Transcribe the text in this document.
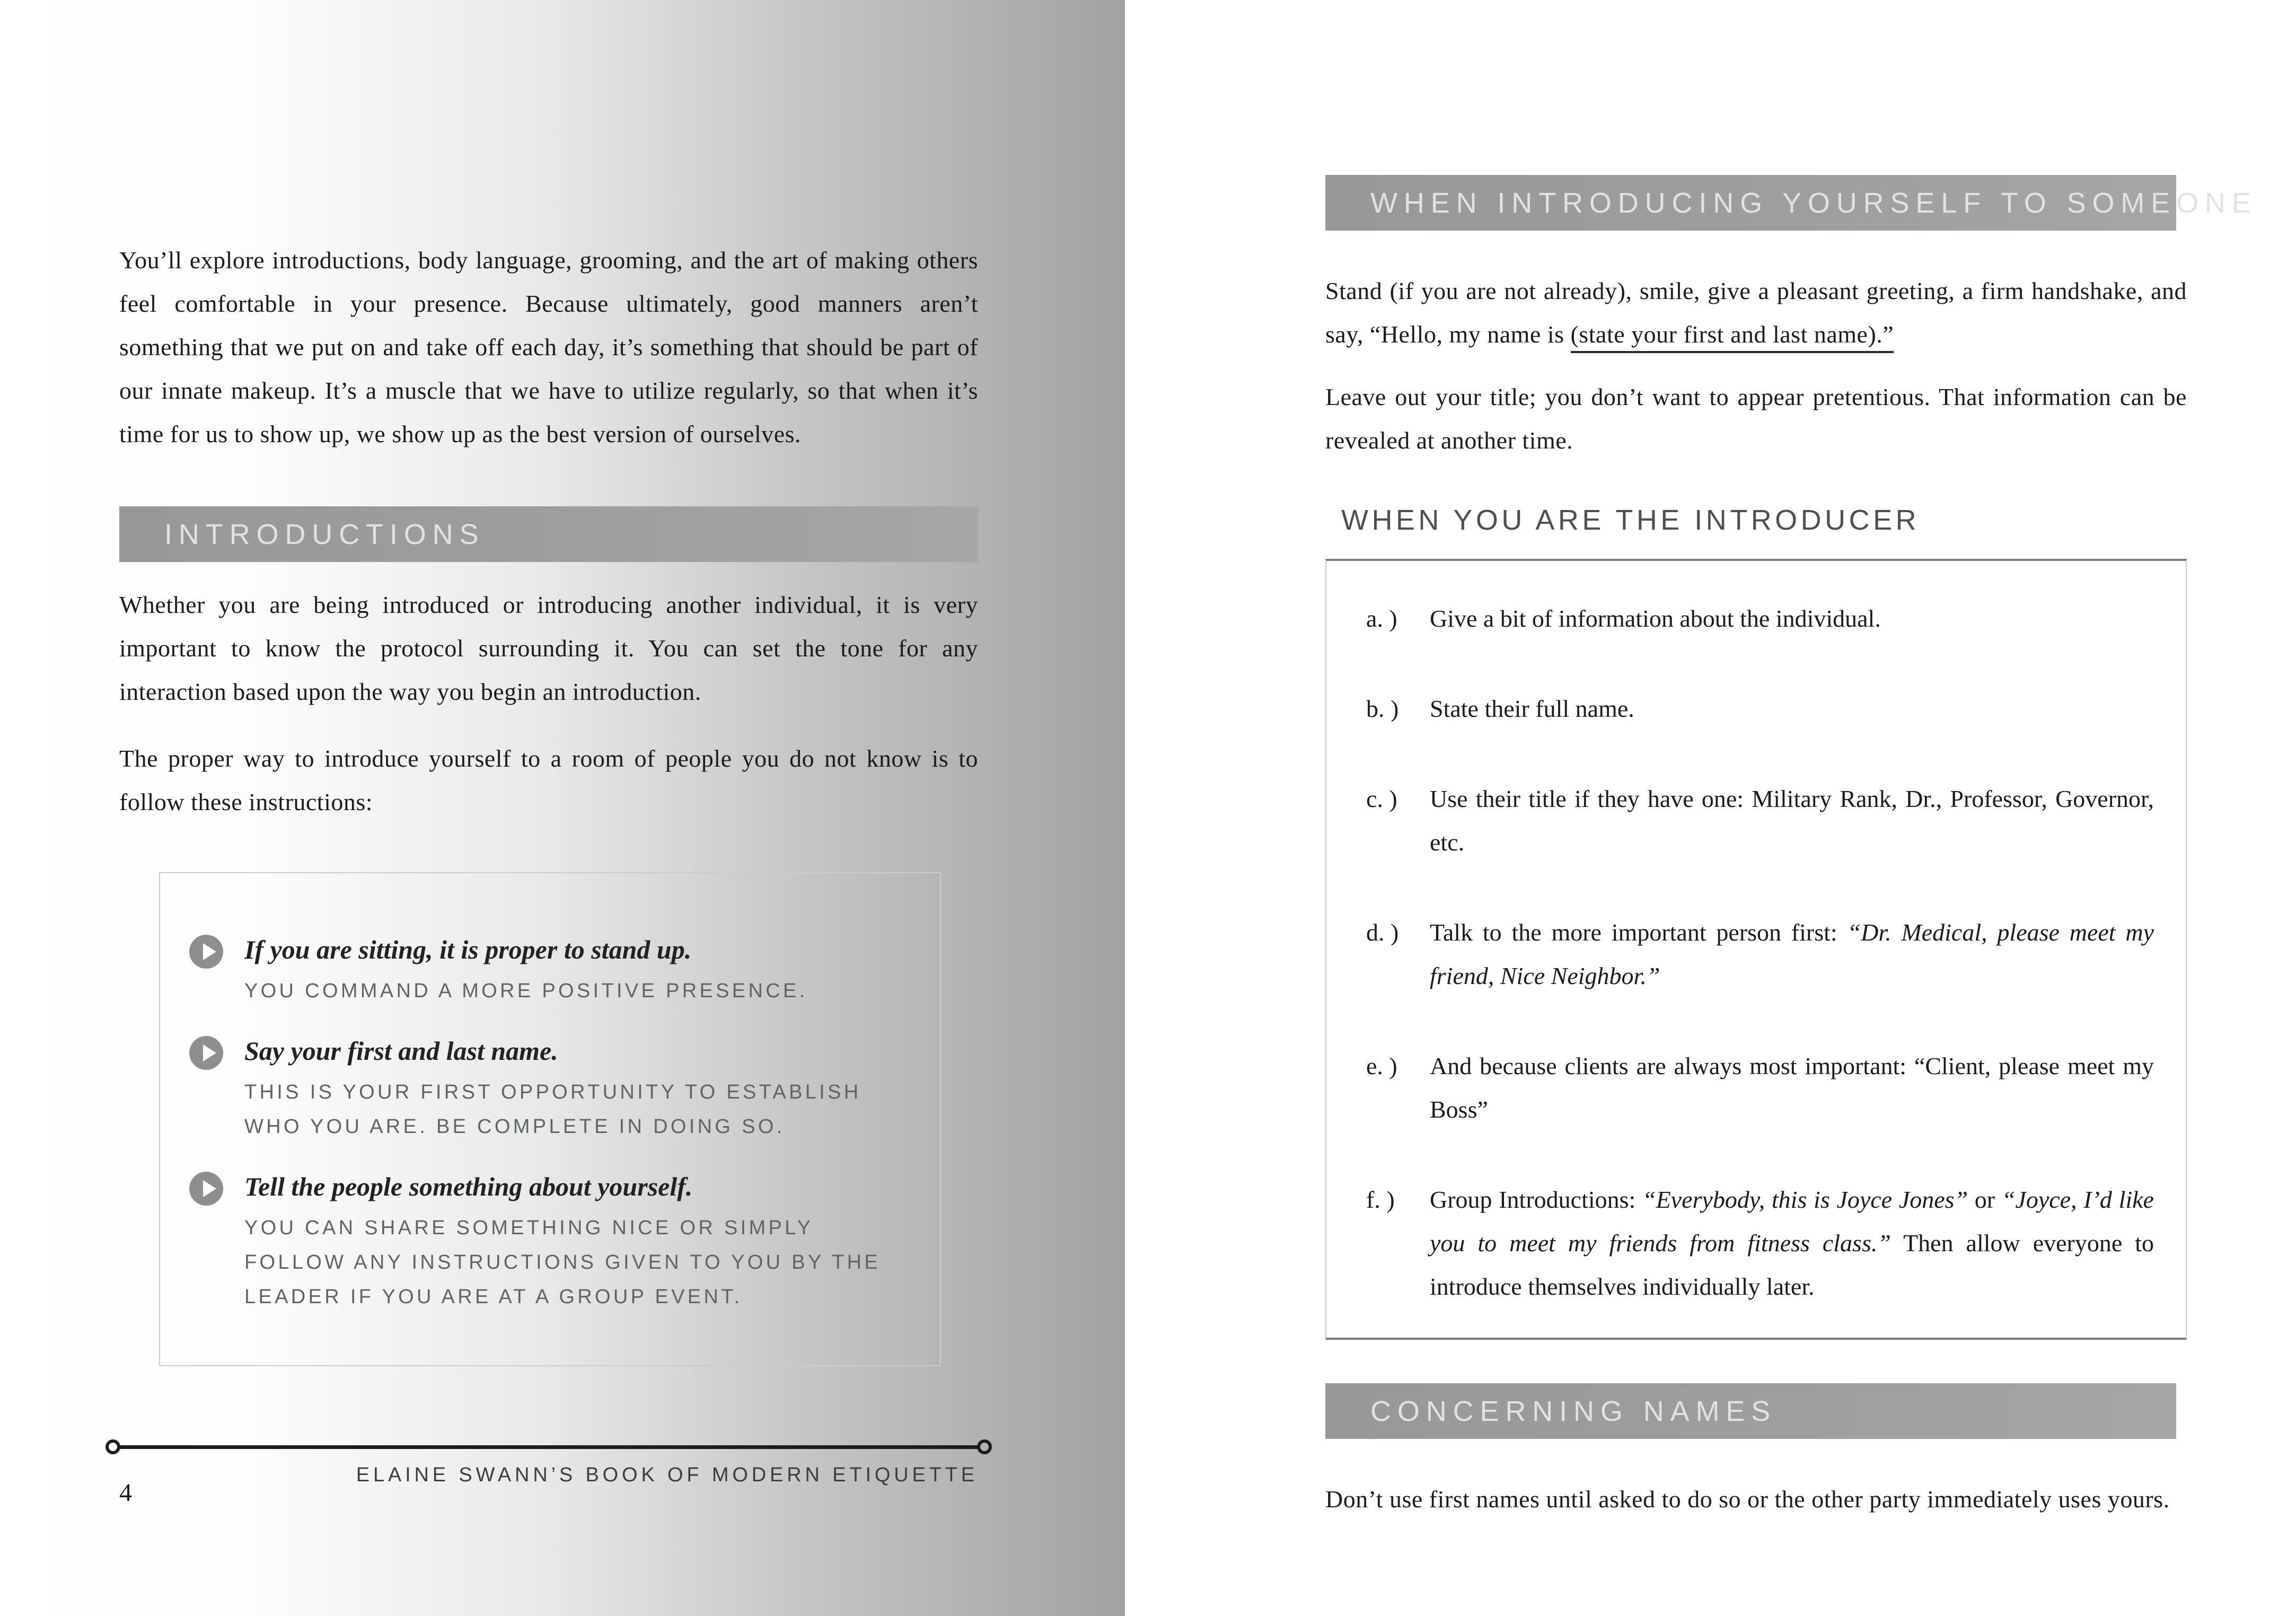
You’ll explore introductions, body language, grooming, and the art of making others feel comfortable in your presence. Because ultimately, good manners aren’t something that we put on and take off each day, it’s something that should be part of our innate makeup. It’s a muscle that we have to utilize regularly, so that when it’s time for us to show up, we show up as the best version of ourselves.

INTRODUCTIONS

Whether you are being introduced or introducing another individual, it is very important to know the protocol surrounding it. You can set the tone for any interaction based upon the way you begin an introduction.

The proper way to introduce yourself to a room of people you do not know is to follow these instructions:

If you are sitting, it is proper to stand up.
YOU COMMAND A MORE POSITIVE PRESENCE.
Say your first and last name.
THIS IS YOUR FIRST OPPORTUNITY TO ESTABLISH WHO YOU ARE. BE COMPLETE IN DOING SO.
Tell the people something about yourself.
YOU CAN SHARE SOMETHING NICE OR SIMPLY FOLLOW ANY INSTRUCTIONS GIVEN TO YOU BY THE LEADER IF YOU ARE AT A GROUP EVENT.
ELAINE SWANN’S BOOK OF MODERN ETIQUETTE
4
WHEN INTRODUCING YOURSELF TO SOMEONE

Stand (if you are not already), smile, give a pleasant greeting, a firm handshake, and say, “Hello, my name is (state your first and last name).”

Leave out your title; you don’t want to appear pretentious. That information can be revealed at another time.

WHEN YOU ARE THE INTRODUCER
a. )	Give a bit of information about the individual.
b. )	State their full name.
c. )	Use their title if they have one: Military Rank, Dr., Professor, Governor, etc.
d. )	Talk to the more important person first: “Dr. Medical, please meet my friend, Nice Neighbor.”
e. )	And because clients are always most important: “Client, please meet my Boss”
f. )	Group Introductions: “Everybody, this is Joyce Jones” or “Joyce, I’d like you to meet my friends from fitness class.” Then allow everyone to introduce themselves individually later.
CONCERNING NAMES

Don’t use first names until asked to do so or the other party immediately uses yours.
